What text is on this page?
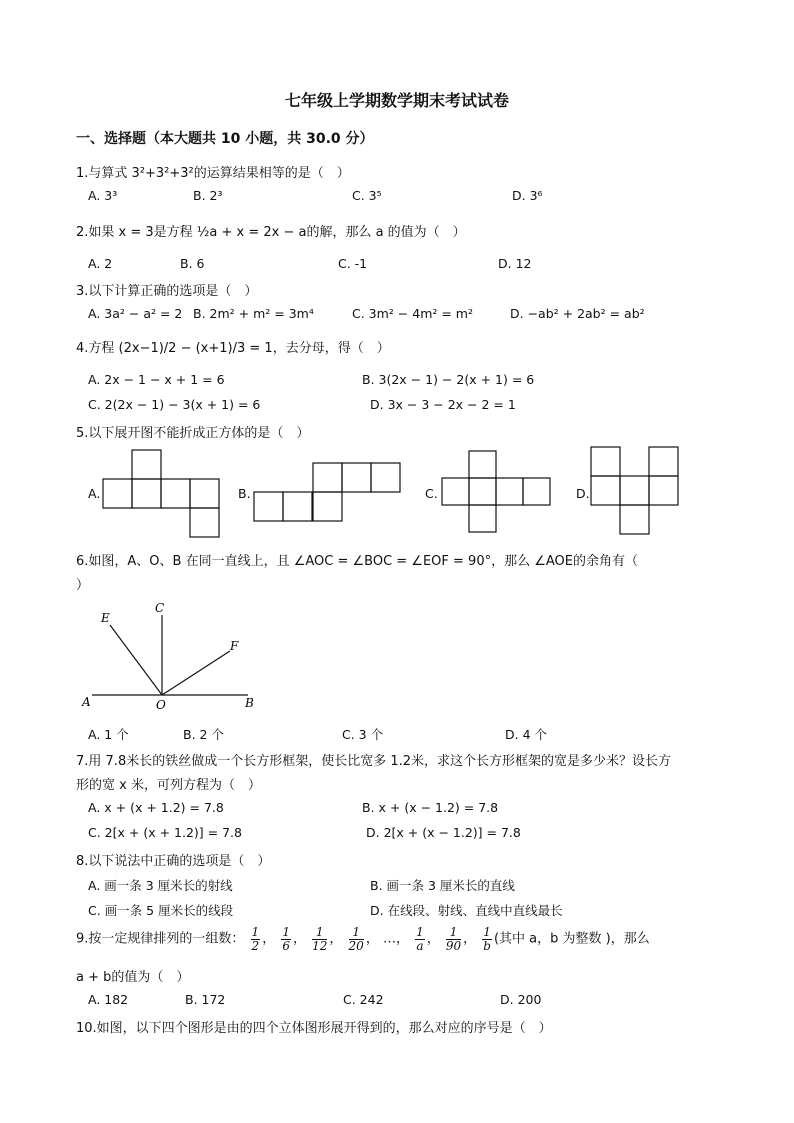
七年级上学期数学期末考试试卷
一、选择题（本大题共 10 小题，共 30.0 分）
1.与算式 3²+3²+3²的运算结果相等的是（　）
A. 3³	B. 2³	C. 3⁵	D. 3⁶
2.如果 x = 3是方程 ½a + x = 2x − a的解，那么 a 的值为（　）
A. 2	B. 6	C. -1	D. 12
3.以下计算正确的选项是（　）
A. 3a² − a² = 2 B. 2m² + m² = 3m⁴	C. 3m² − 4m² = m²	D. −ab² + 2ab² = ab²
4.方程 (2x−1)/2 − (x+1)/3 = 1，去分母，得（　）
A. 2x − 1 − x + 1 = 6	B. 3(2x − 1) − 2(x + 1) = 6
C. 2(2x − 1) − 3(x + 1) = 6	D. 3x − 3 − 2x − 2 = 1
5.以下展开图不能折成正方体的是（　）
A.	B.	C.	D.
6.如图，A、O、B 在同一直线上，且 ∠AOC = ∠BOC = ∠EOF = 90°，那么 ∠AOE的余角有（
）
E
C
F
A	O	B
A. 1 个	B. 2 个	C. 3 个	D. 4 个
7.用 7.8米长的铁丝做成一个长方形框架，使长比宽多 1.2米，求这个长方形框架的宽是多少米？设长方
形的宽 x 米，可列方程为（　）
A. x + (x + 1.2) = 7.8	B. x + (x − 1.2) = 7.8
C. 2[x + (x + 1.2)] = 7.8	D. 2[x + (x − 1.2)] = 7.8
8.以下说法中正确的选项是（　）
A. 画一条 3 厘米长的射线	B. 画一条 3 厘米长的直线
C. 画一条 5 厘米长的线段	D. 在线段、射线、直线中直线最长
9.按一定规律排列的一组数： $\frac{1}{2}$ ， $\frac{1}{6}$ ， $\frac{1}{12}$ ， $\frac{1}{20}$ ， …， $\frac{1}{a}$ ， $\frac{1}{90}$ ， $\frac{1}{b}$ (其中 a，b 为整数 )，那么
a + b的值为（　）
A. 182	B. 172	C. 242	D. 200
10.如图，以下四个图形是由的四个立体图形展开得到的，那么对应的序号是（　）
